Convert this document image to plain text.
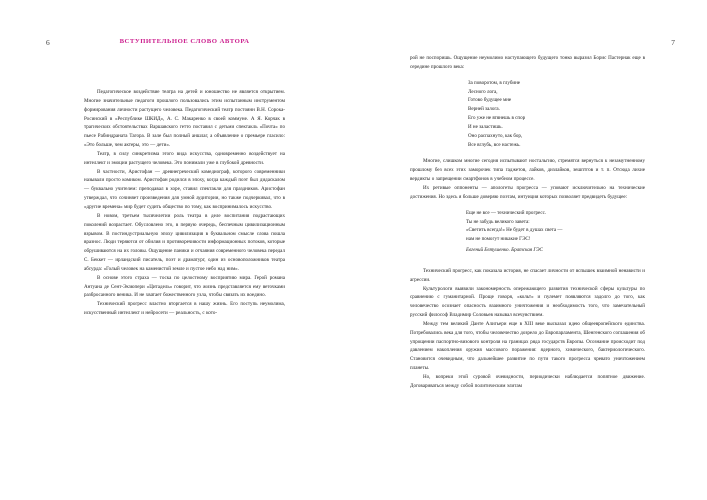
6	ВСТУПИТЕЛЬНОЕ СЛОВО АВТОРА

Педагогическое воздействие театра на детей и юношество не является открытием. Многие значительные педагоги прошлого пользовались этим испытанным инструментом формирования личности растущего человека. Педагогический театр постоянн В.Н. Сорока-Росинский в «Республике ШКИД», А. С. Макаренко в своей коммуне. А Я. Корчак в трагических обстоятельствах Варшавского гетто поставил с детьми спектакль «Почта» по пьесе Рабиндраната Тагора. В зале был полный аншлаг, а объявление о премьере гласило: «Это больше, чем актеры, это — дети».

Театр, в силу синкретизма этого вида искусства, одновременно воздействует на интеллект и эмоции растущего человека. Это понимали уже в глубокой древности.

В частности, Аристофан — древнегреческий комедиограф, которого современники называли просто комиком. Аристофан родился в эпоху, когда каждый поэт был дидаскалом — буквально учителем: преподавал в хоре, ставил спектакли для праздников. Аристофан утверждал, что сочиняет произведения для умной аудитории, но также подчеркивал, что в «другие времена» мир будет судить общество по тому, как воспринималось искусство.

В новом, третьем тысячелетии роль театра в деле воспитания подрастающих поколений возрастает. Обусловлено это, в первую очередь, беспечным цивилизационным взрывом. В постиндустриальную эпоху цивилизация в буквальном смысле слова пошла вразнос. Люди теряются от обилия и противоречивости информационных потоков, которые обрушиваются на их головы. Ощущение паники и отчаяния современного человека передал С. Беккет — ирландский писатель, поэт и драматург, один из основоположников театра абсурда: «Голый человек на каменистой земле и пустое небо над ним».

В основе этого страха — тоска по целостному восприятию мира. Герой романа Антуана де Сент-Экзюпери «Цитадель» говорит, что жизнь представляется ему веточками разбросанного веника. И не хватает божественного узла, чтобы связать их воедино.

Технический прогресс властно вторгается в нашу жизнь. Его поступь неумолима, искусственный интеллект и нейросети — реальность, с кото-

7

рой не поспоришь. Ощущение неумолимо наступающего будущего тонко выразил Борис Пастернак еще в середине прошлого века:

За поворотом, в глубине
Лесного лога,
Готово будущее мне
Верней залога.
Его уже не втянешь в спор
И не заластишь.
Оно распахнуто, как бор,
Все вглубь, все настежь.

Многие, слишком многие сегодня испытывают ностальгию, стремятся вернуться к незамутненному прошлому без всех этих заморочек типа гаджетов, лайков, дизлайков, зешптгов и т. п. Отсюда лихие вердикты о запрещении смартфонов в учебном процессе.

Их ретивые оппоненты — апологеты прогресса — уповают исключительно на технические достижения. Но здесь я больше доверяю поэтам, интуиция которых позволяет предвидеть будущее:

Еще не все — технический прогресс.
Ты не забудь великого завета:
«Светить всегда!» Не будет в душах света —
нам не помогут никакие ГЭС!
Евгений Евтушенко. Братская ГЭС

Технический прогресс, как показала история, не спасает личности от вспышек взаимной ненависти и агрессии.

Культурологи выявили закономерность опережающего развития технической сферы культуры по сравнению с гуманитарной. Проще говоря, «кольт» и пулемет появляются задолго до того, как человечество осознает опасность взаимного уничтожения и необходимость того, что замечательный русский философ Владимир Соловьев называл всечувствием.

Между тем великий Данте Алигьери еще в XIII веке высказал идею общеевропейского единства. Потребовались века для того, чтобы человечество дозрело до Европарламента, Шенгенского соглашения об упрощении паспортно-визового контроля на границах ряда государств Европы. Осознание происходит под давлением накопления оружия массового поражения: ядерного, химического, бактериологического. Становится очевидным, что дальнейшее развитие по пути такого прогресса чревато уничтожением планеты.

Но, вопреки этой суровой очевидности, периодически наблюдается попятное движение. Договариваться между собой политическим элитам
